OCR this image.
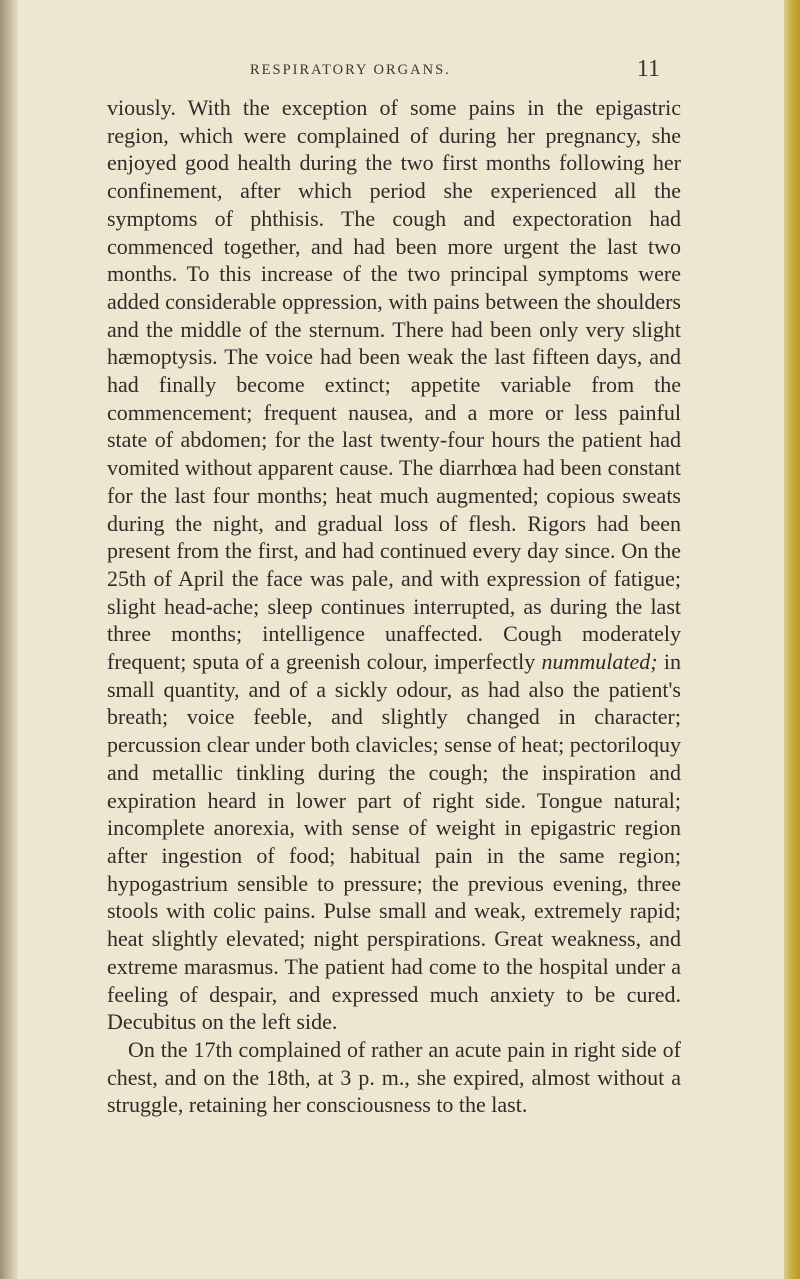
RESPIRATORY ORGANS.	11

viously. With the exception of some pains in the epigastric region, which were complained of during her pregnancy, she enjoyed good health during the two first months following her confinement, after which period she experienced all the symptoms of phthisis. The cough and expectoration had commenced together, and had been more urgent the last two months. To this increase of the two principal symptoms were added considerable oppression, with pains between the shoulders and the middle of the sternum. There had been only very slight hæmoptysis. The voice had been weak the last fifteen days, and had finally become extinct; appetite variable from the commencement; frequent nausea, and a more or less painful state of abdomen; for the last twenty-four hours the patient had vomited without apparent cause. The diarrhœa had been constant for the last four months; heat much augmented; copious sweats during the night, and gradual loss of flesh. Rigors had been present from the first, and had continued every day since. On the 25th of April the face was pale, and with expression of fatigue; slight head-ache; sleep continues interrupted, as during the last three months; intelligence unaffected. Cough moderately frequent; sputa of a greenish colour, imperfectly nummulated; in small quantity, and of a sickly odour, as had also the patient's breath; voice feeble, and slightly changed in character; percussion clear under both clavicles; sense of heat; pectoriloquy and metallic tinkling during the cough; the inspiration and expiration heard in lower part of right side. Tongue natural; incomplete anorexia, with sense of weight in epigastric region after ingestion of food; habitual pain in the same region; hypogastrium sensible to pressure; the previous evening, three stools with colic pains. Pulse small and weak, extremely rapid; heat slightly elevated; night perspirations. Great weakness, and extreme marasmus. The patient had come to the hospital under a feeling of despair, and expressed much anxiety to be cured. Decubitus on the left side.

On the 17th complained of rather an acute pain in right side of chest, and on the 18th, at 3 p. m., she expired, almost without a struggle, retaining her consciousness to the last.
